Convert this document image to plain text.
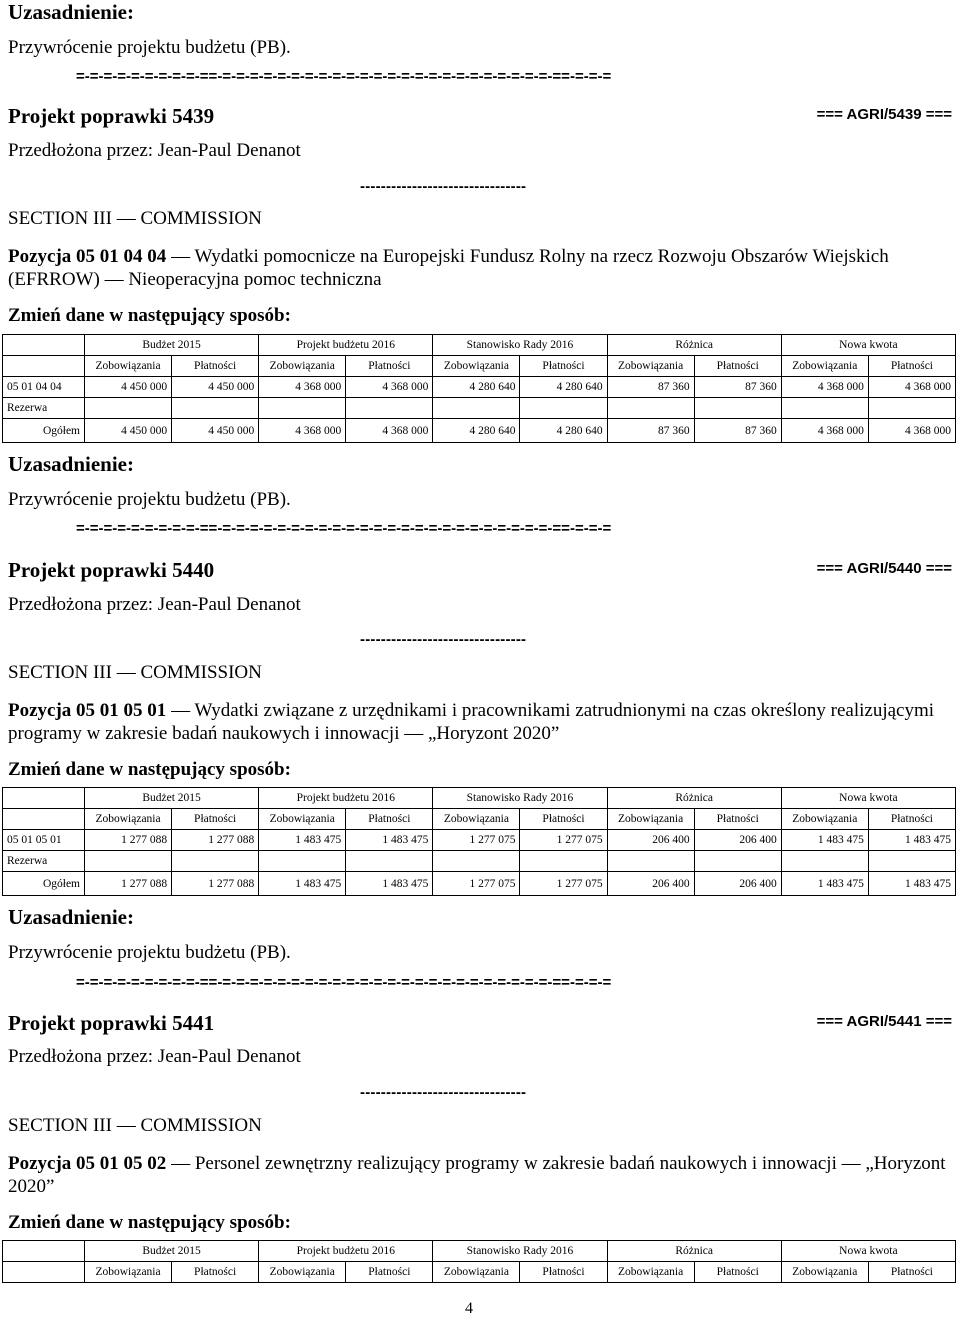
Uzasadnienie:
Przywrócenie projektu budżetu (PB).
=-=-=-=-=-=-=-=-=-==-=-=-=-=-=-=-=-=-=-=-=-=-=-=-=-=-=-=-=-=-=-=-=-=-==-=-=-=
Projekt poprawki 5439	=== AGRI/5439 ===
Przedłożona przez: Jean-Paul Denanot
--------------------------------
SECTION III — COMMISSION
Pozycja 05 01 04 04 — Wydatki pomocnicze na Europejski Fundusz Rolny na rzecz Rozwoju Obszarów Wiejskich (EFRROW) — Nieoperacyjna pomoc techniczna
Zmień dane w następujący sposób:
	Budżet 2015		Projekt budżetu 2016		Stanowisko Rady 2016		Różnica		Nowa kwota	
	Zobowiązania	Płatności	Zobowiązania	Płatności	Zobowiązania	Płatności	Zobowiązania	Płatności	Zobowiązania	Płatności
05 01 04 04	4 450 000	4 450 000	4 368 000	4 368 000	4 280 640	4 280 640	87 360	87 360	4 368 000	4 368 000
Rezerwa										
Ogółem	4 450 000	4 450 000	4 368 000	4 368 000	4 280 640	4 280 640	87 360	87 360	4 368 000	4 368 000
Uzasadnienie:
Przywrócenie projektu budżetu (PB).
=-=-=-=-=-=-=-=-=-==-=-=-=-=-=-=-=-=-=-=-=-=-=-=-=-=-=-=-=-=-=-=-=-=-==-=-=-=
Projekt poprawki 5440	=== AGRI/5440 ===
Przedłożona przez: Jean-Paul Denanot
--------------------------------
SECTION III — COMMISSION
Pozycja 05 01 05 01 — Wydatki związane z urzędnikami i pracownikami zatrudnionymi na czas określony realizującymi programy w zakresie badań naukowych i innowacji — „Horyzont 2020”
Zmień dane w następujący sposób:
	Budżet 2015		Projekt budżetu 2016		Stanowisko Rady 2016		Różnica		Nowa kwota	
	Zobowiązania	Płatności	Zobowiązania	Płatności	Zobowiązania	Płatności	Zobowiązania	Płatności	Zobowiązania	Płatności
05 01 05 01	1 277 088	1 277 088	1 483 475	1 483 475	1 277 075	1 277 075	206 400	206 400	1 483 475	1 483 475
Rezerwa										
Ogółem	1 277 088	1 277 088	1 483 475	1 483 475	1 277 075	1 277 075	206 400	206 400	1 483 475	1 483 475
Uzasadnienie:
Przywrócenie projektu budżetu (PB).
=-=-=-=-=-=-=-=-=-==-=-=-=-=-=-=-=-=-=-=-=-=-=-=-=-=-=-=-=-=-=-=-=-=-==-=-=-=
Projekt poprawki 5441	=== AGRI/5441 ===
Przedłożona przez: Jean-Paul Denanot
--------------------------------
SECTION III — COMMISSION
Pozycja 05 01 05 02 — Personel zewnętrzny realizujący programy w zakresie badań naukowych i innowacji — „Horyzont 2020”
Zmień dane w następujący sposób:
	Budżet 2015		Projekt budżetu 2016		Stanowisko Rady 2016		Różnica		Nowa kwota	
	Zobowiązania	Płatności	Zobowiązania	Płatności	Zobowiązania	Płatności	Zobowiązania	Płatności	Zobowiązania	Płatności
4
